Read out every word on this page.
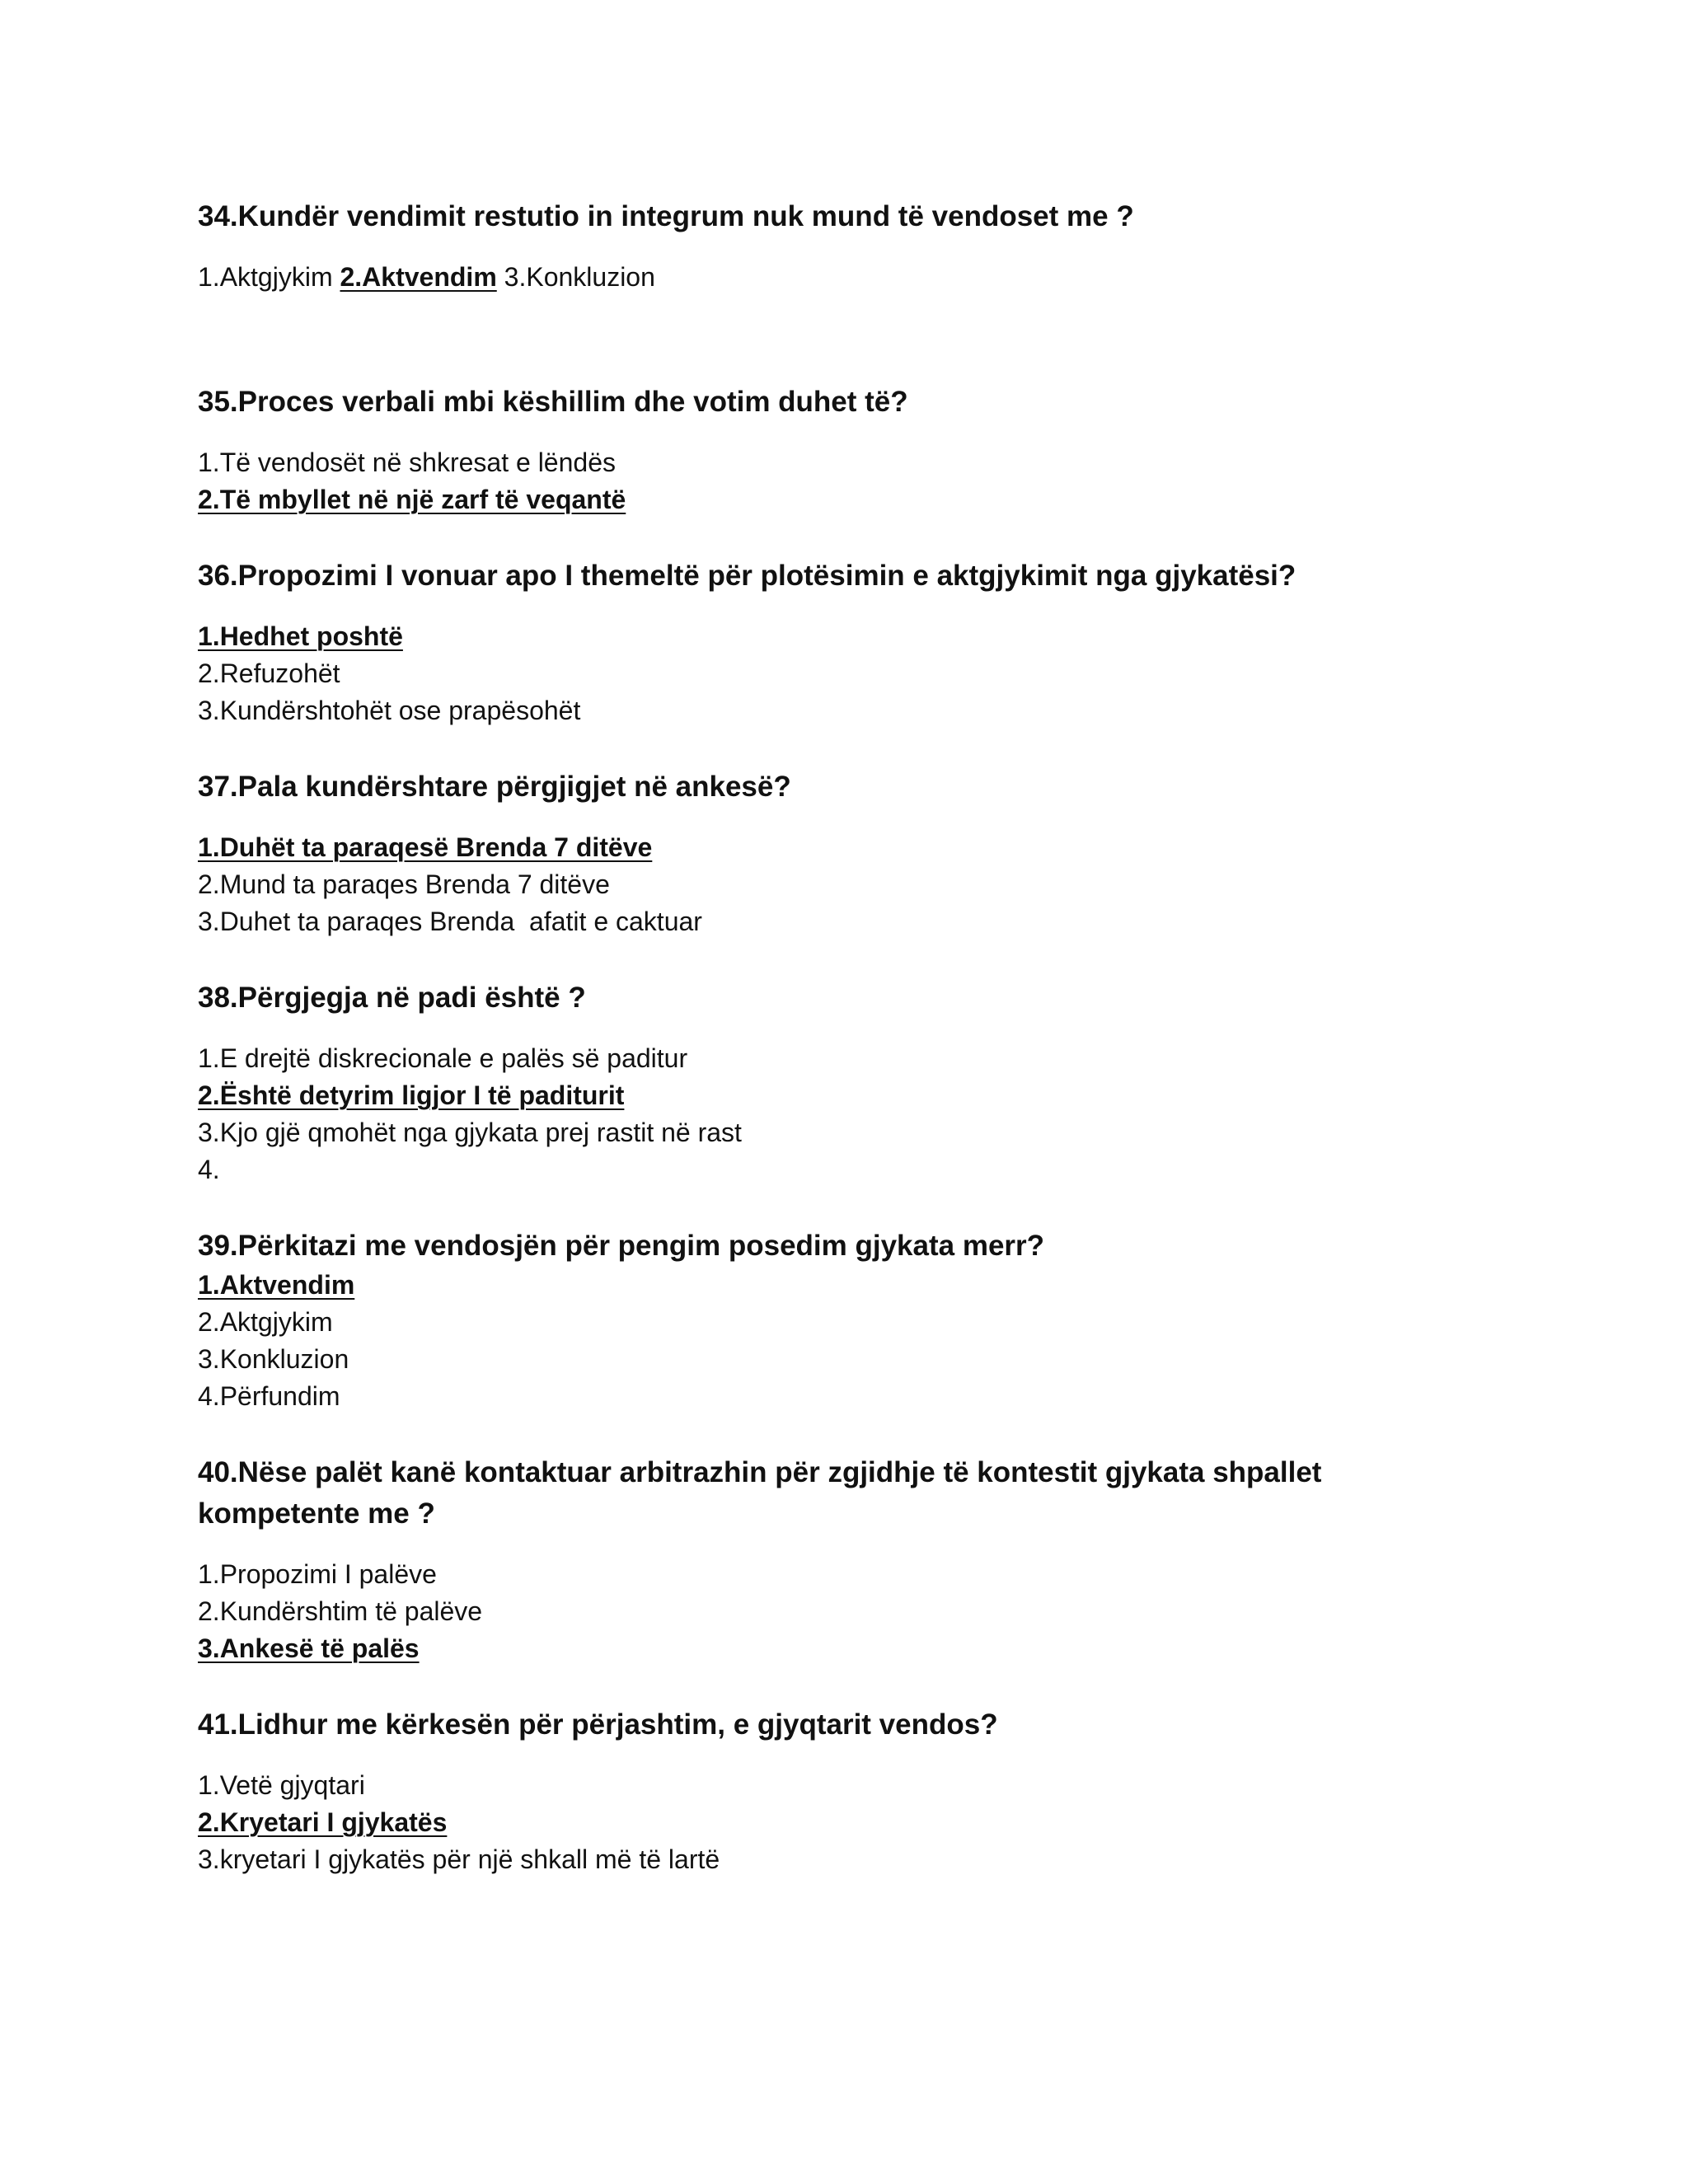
34.Kundër vendimit restutio in integrum nuk mund të vendoset me ?

1.Aktgjykim 2.Aktvendim 3.Konkluzion

35.Proces verbali mbi këshillim dhe votim duhet të?

1.Të vendosët në shkresat e lëndës
2.Të mbyllet në një zarf të veqantë

36.Propozimi I vonuar apo I themeltë për plotësimin e aktgjykimit nga gjykatësi?

1.Hedhet poshtë
2.Refuzohët
3.Kundërshtohët ose prapësohët

37.Pala kundërshtare përgjigjet në ankesë?

1.Duhët ta paraqesë Brenda 7 ditëve
2.Mund ta paraqes Brenda 7 ditëve
3.Duhet ta paraqes Brenda  afatit e caktuar

38.Përgjegja në padi është ?

1.E drejtë diskrecionale e palës së paditur
2.Është detyrim ligjor I të paditurit
3.Kjo gjë qmohët nga gjykata prej rastit në rast
4.

39.Përkitazi me vendosjën për pengim posedim gjykata merr?

1.Aktvendim
2.Aktgjykim
3.Konkluzion
4.Përfundim

40.Nëse palët kanë kontaktuar arbitrazhin për zgjidhje të kontestit gjykata shpallet

kompetente me ?

1.Propozimi I palëve
2.Kundërshtim të palëve
3.Ankesë të palës

41.Lidhur me kërkesën për përjashtim, e gjyqtarit vendos?

1.Vetë gjyqtari
2.Kryetari I gjykatës
3.kryetari I gjykatës për një shkall më të lartë
